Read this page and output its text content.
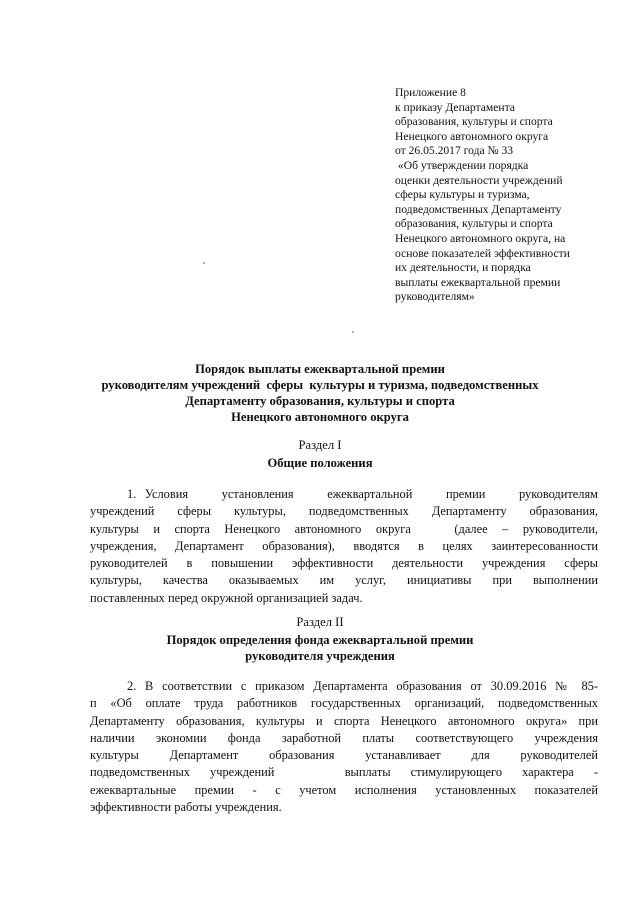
Приложение 8
к приказу Департамента
образования, культуры и спорта
Ненецкого автономного округа
от 26.05.2017 года № 33
«Об утверждении порядка
оценки деятельности учреждений
сферы культуры и туризма,
подведомственных Департаменту
образования, культуры и спорта
Ненецкого автономного округа, на
основе показателей эффективности
их деятельности, и порядка
выплаты ежеквартальной премии
руководителям»
Порядок выплаты ежеквартальной премии
руководителям учреждений  сферы  культуры и туризма, подведомственных
Департаменту образования, культуры и спорта
Ненецкого автономного округа
Раздел I
Общие положения
1. Условия    установления    ежеквартальной    премии    руководителям
учреждений сферы культуры, подведомственных Департаменту образования,
культуры и спорта Ненецкого автономного округа   (далее – руководители,
учреждения, Департамент образования), вводятся в целях заинтересованности
руководителей в повышении эффективности деятельности учреждения сферы
культуры,  качества  оказываемых  им  услуг,  инициативы  при  выполнении
поставленных перед окружной организацией задач.
Раздел II
Порядок определения фонда ежеквартальной премии
руководителя учреждения
2. В соответствии с приказом Департамента образования от 30.09.2016 № 85-
п «Об оплате труда работников государственных организаций, подведомственных
Департаменту образования, культуры и спорта Ненецкого автономного округа» при
наличии экономии фонда заработной платы соответствующего учреждения
культуры    Департамент    образования    устанавливает    для    руководителей
подведомственных  учреждений       выплаты  стимулирующего  характера  -
ежеквартальные премии - с учетом исполнения установленных показателей
эффективности работы учреждения.
